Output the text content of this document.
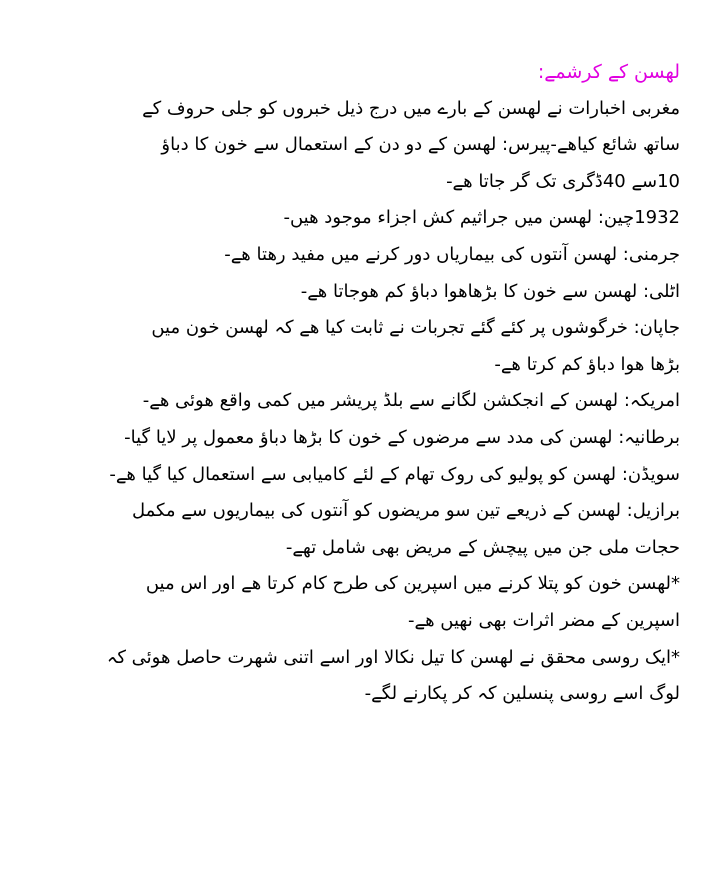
لھسن کے کرشمے:
مغربی اخبارات نے لھسن کے بارے میں درج ذیل خبروں کو جلی حروف کے
ساتھ شائع کیاھے-پیرس: لھسن کے دو دن کے استعمال سے خون کا دباؤ
10سے 40ڈگری تک گر جاتا ھے-
1932چین: لھسن میں جراثیم کش اجزاء موجود ھیں-
جرمنی: لھسن آنتوں کی بیماریاں دور کرنے میں مفید رھتا ھے-
اٹلی: لھسن سے خون کا بڑھاھوا دباؤ کم ھوجاتا ھے-
جاپان: خرگوشوں پر کئے گئے تجربات نے ثابت کیا ھے کہ لھسن خون میں
بڑھا ھوا دباؤ کم کرتا ھے-
امریکہ: لھسن کے انجکشن لگانے سے بلڈ پریشر میں کمی واقع ھوئی ھے-
برطانیہ: لھسن کی مدد سے مرضوں کے خون کا بڑھا دباؤ معمول پر لایا گیا-
سویڈن: لھسن کو پولیو کی روک تھام کے لئے کامیابی سے استعمال کیا گیا ھے-
برازیل: لھسن کے ذریعے تین سو مریضوں کو آنتوں کی بیماریوں سے مکمل
حجات ملی جن میں پیچش کے مریض بھی شامل تھے-
*لھسن خون کو پتلا کرنے میں اسپرین کی طرح کام کرتا ھے اور اس میں
اسپرین کے مضر اثرات بھی نھیں ھے-
*ایک روسی محقق نے لھسن کا تیل نکالا اور اسے اتنی شھرت حاصل ھوئی کہ
لوگ اسے روسی پنسلین کہ کر پکارنے لگے-
